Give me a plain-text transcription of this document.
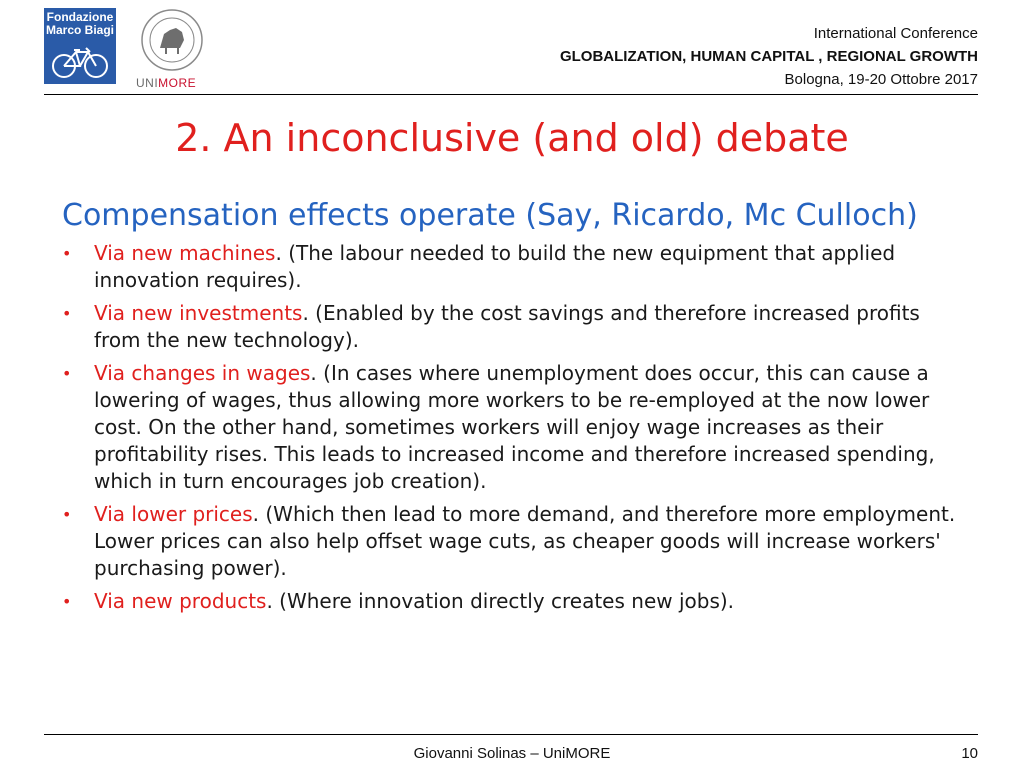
Fondazione
Marco Biagi
UNIMORE
International Conference
GLOBALIZATION, HUMAN CAPITAL , REGIONAL GROWTH
Bologna, 19-20 Ottobre 2017
2. An inconclusive (and old) debate

Compensation effects operate (Say, Ricardo, Mc Culloch)

• Via new machines. (The labour needed to build the new equipment that applied innovation requires).
• Via new investments. (Enabled by the cost savings and therefore increased profits from the new technology).
• Via changes in wages. (In cases where unemployment does occur, this can cause a lowering of wages, thus allowing more workers to be re-employed at the now lower cost. On the other hand, sometimes workers will enjoy wage increases as their profitability rises. This leads to increased income and therefore increased spending, which in turn encourages job creation).
• Via lower prices. (Which then lead to more demand, and therefore more employment. Lower prices can also help offset wage cuts, as cheaper goods will increase workers' purchasing power).
• Via new products. (Where innovation directly creates new jobs).
Giovanni Solinas – UniMORE	10
